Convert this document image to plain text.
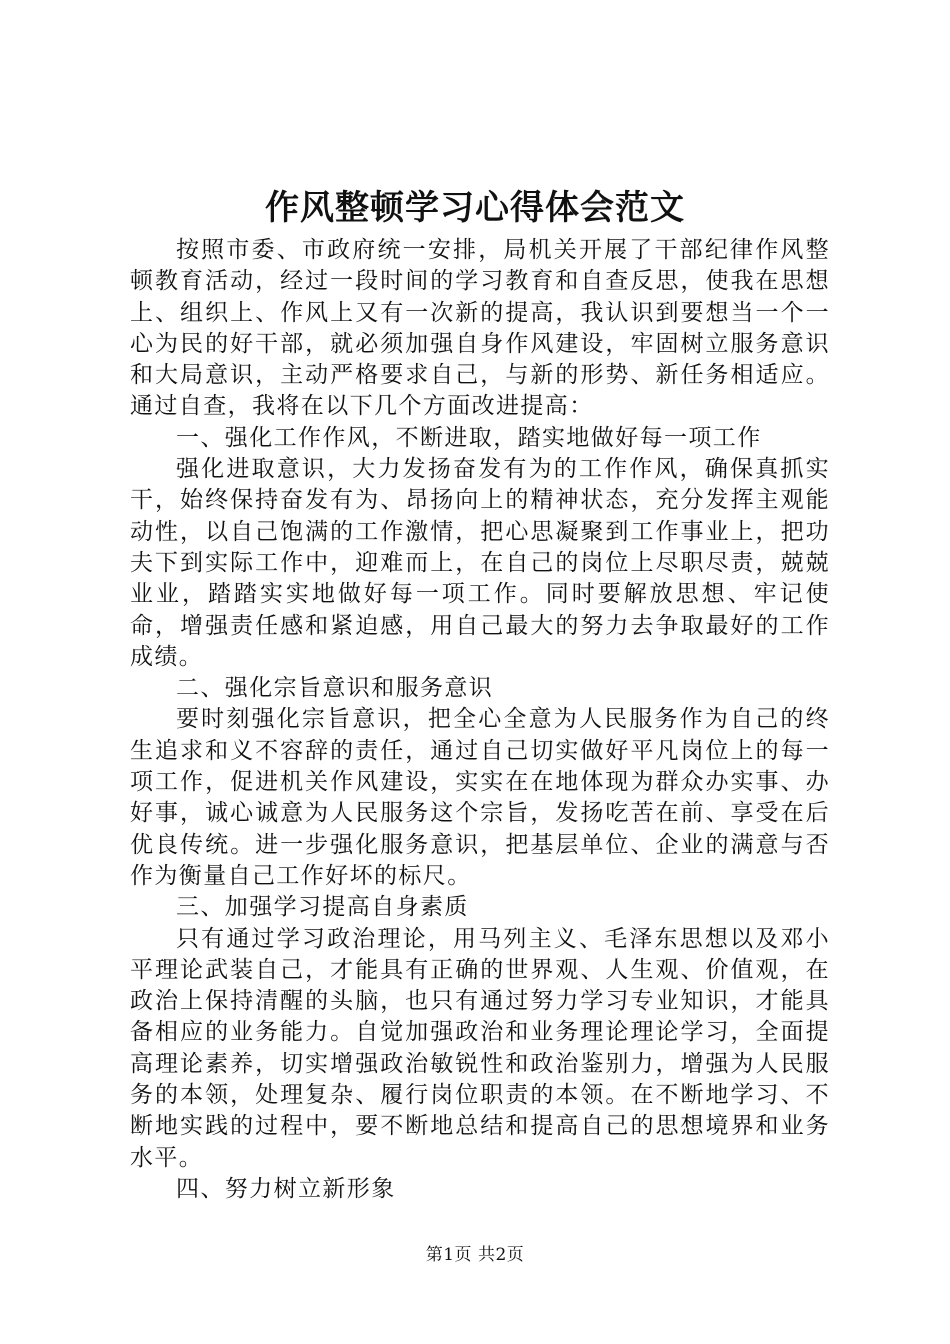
作风整顿学习心得体会范文

按照市委、市政府统一安排，局机关开展了干部纪律作风整顿教育活动，经过一段时间的学习教育和自查反思，使我在思想上、组织上、作风上又有一次新的提高，我认识到要想当一个一心为民的好干部，就必须加强自身作风建设，牢固树立服务意识和大局意识，主动严格要求自己，与新的形势、新任务相适应。通过自查，我将在以下几个方面改进提高：

一、强化工作作风，不断进取，踏实地做好每一项工作

强化进取意识，大力发扬奋发有为的工作作风，确保真抓实干，始终保持奋发有为、昂扬向上的精神状态，充分发挥主观能动性，以自己饱满的工作激情，把心思凝聚到工作事业上，把功夫下到实际工作中，迎难而上，在自己的岗位上尽职尽责，兢兢业业，踏踏实实地做好每一项工作。同时要解放思想、牢记使命，增强责任感和紧迫感，用自己最大的努力去争取最好的工作成绩。

二、强化宗旨意识和服务意识

要时刻强化宗旨意识，把全心全意为人民服务作为自己的终生追求和义不容辞的责任，通过自己切实做好平凡岗位上的每一项工作，促进机关作风建设，实实在在地体现为群众办实事、办好事，诚心诚意为人民服务这个宗旨，发扬吃苦在前、享受在后优良传统。进一步强化服务意识，把基层单位、企业的满意与否作为衡量自己工作好坏的标尺。

三、加强学习提高自身素质

只有通过学习政治理论，用马列主义、毛泽东思想以及邓小平理论武装自己，才能具有正确的世界观、人生观、价值观，在政治上保持清醒的头脑，也只有通过努力学习专业知识，才能具备相应的业务能力。自觉加强政治和业务理论理论学习，全面提高理论素养，切实增强政治敏锐性和政治鉴别力，增强为人民服务的本领，处理复杂、履行岗位职责的本领。在不断地学习、不断地实践的过程中，要不断地总结和提高自己的思想境界和业务水平。

四、努力树立新形象

第1页 共2页
